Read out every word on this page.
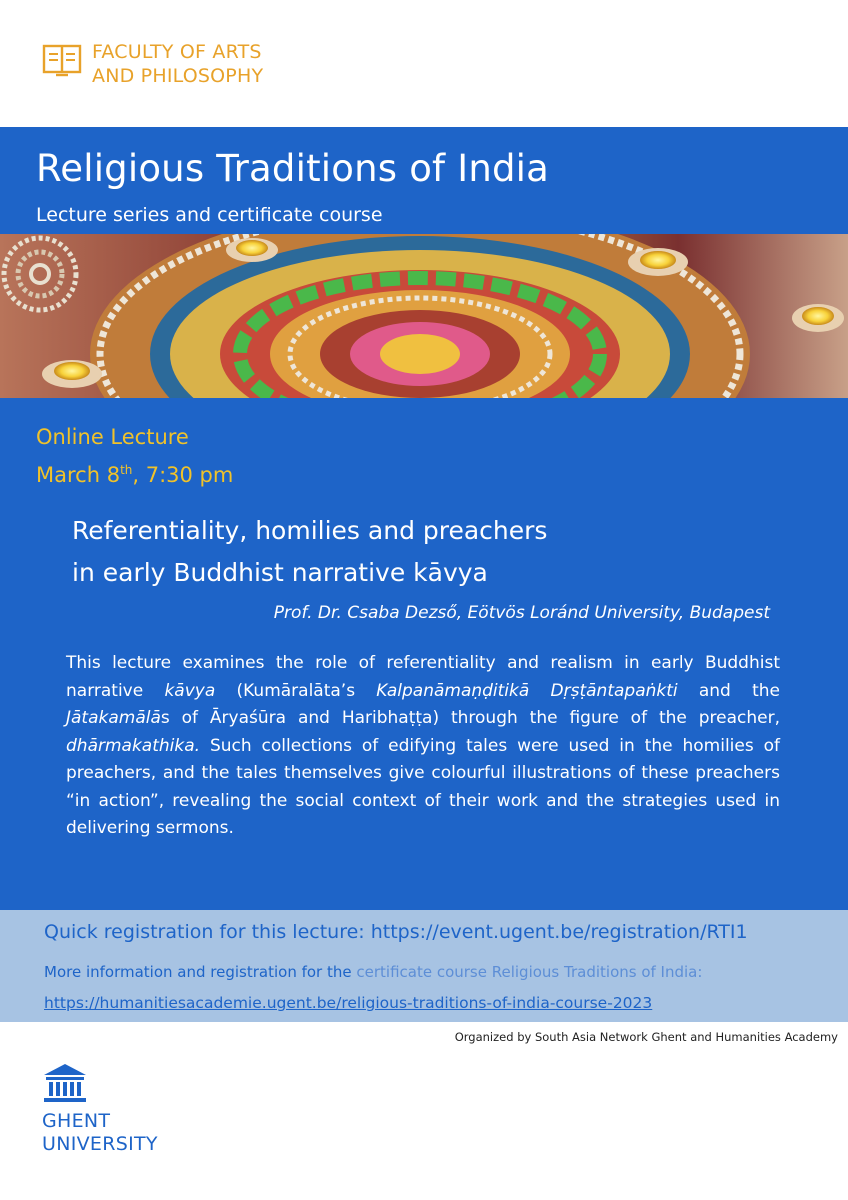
FACULTY OF ARTS
AND PHILOSOPHY
Religious Traditions of India
Lecture series and certificate course
Online Lecture
March 8th, 7:30 pm
Referentiality, homilies and preachers
in early Buddhist narrative kāvya
Prof. Dr. Csaba Dezső, Eötvös Loránd University, Budapest
This lecture examines the role of referentiality and realism in early Buddhist narrative kāvya (Kumāralāta’s Kalpanāmaṇḍitikā Dṛṣṭāntapaṅkti and the Jātakamālās of Āryaśūra and Haribhaṭṭa) through the figure of the preacher, dhārmakathika. Such collections of edifying tales were used in the homilies of preachers, and the tales themselves give colourful illustrations of these preachers “in action”, revealing the social context of their work and the strategies used in delivering sermons.
Quick registration for this lecture: https://event.ugent.be/registration/RTI1
More information and registration for the certificate course Religious Traditions of India:
https://humanitiesacademie.ugent.be/religious-traditions-of-india-course-2023
Organized by South Asia Network Ghent and Humanities Academy
GHENT
UNIVERSITY
